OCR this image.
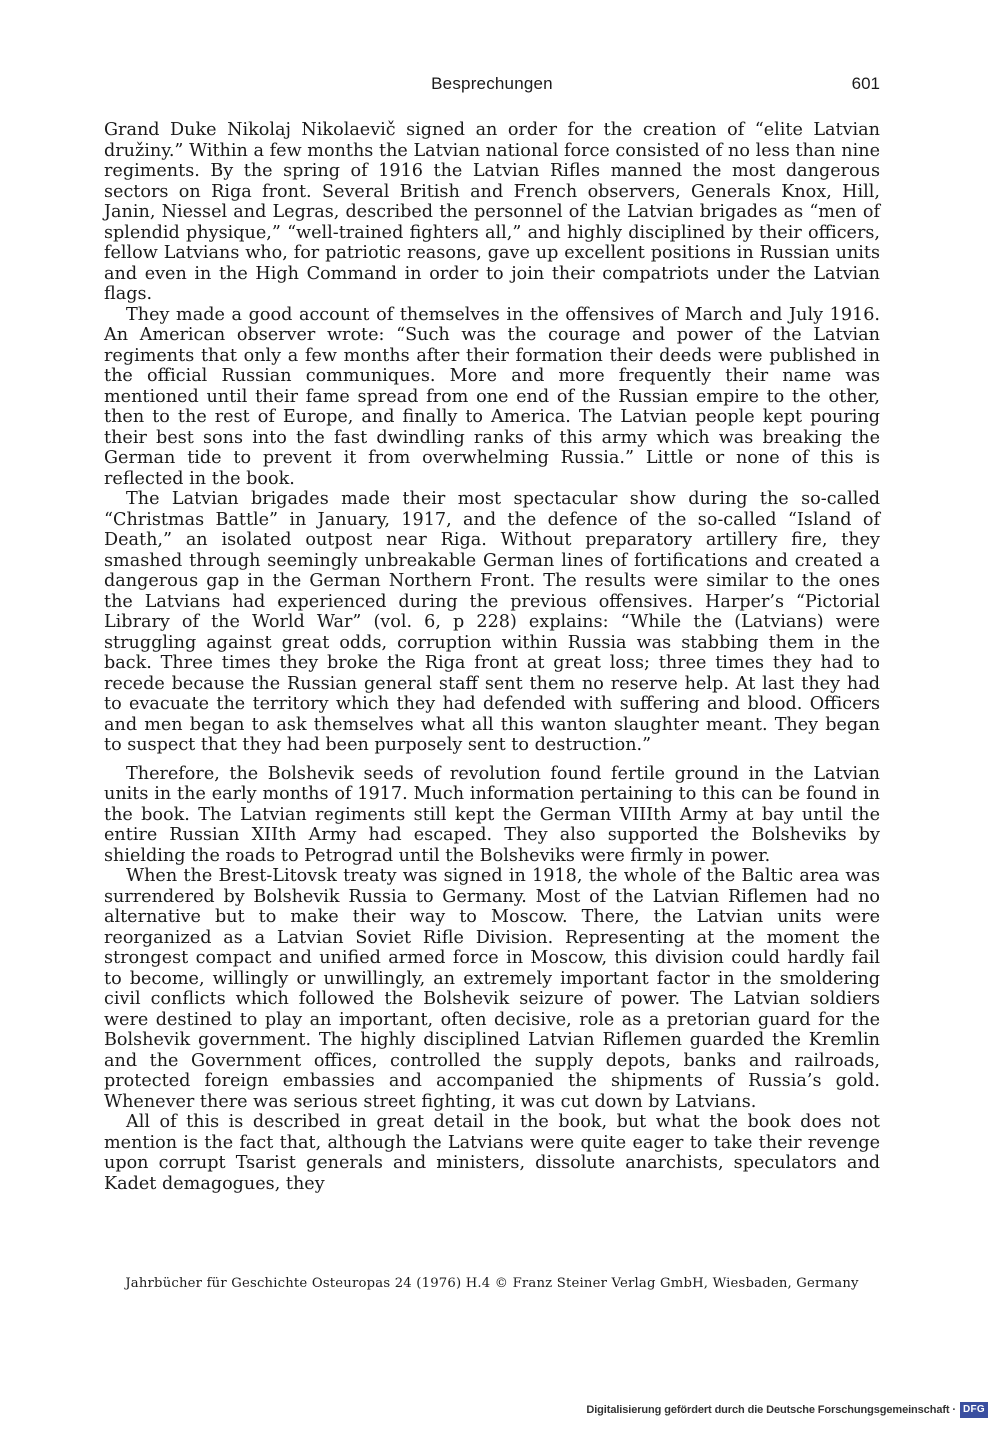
Besprechungen	601

Grand Duke Nikolaj Nikolaevič signed an order for the creation of “elite Latvian družiny.” Within a few months the Latvian national force consisted of no less than nine regiments. By the spring of 1916 the Latvian Rifles manned the most dangerous sectors on Riga front. Several British and French observers, Generals Knox, Hill, Janin, Niessel and Legras, described the personnel of the Latvian brigades as “men of splendid physique,” “well-trained fighters all,” and highly disciplined by their officers, fellow Latvians who, for patriotic reasons, gave up excellent positions in Russian units and even in the High Command in order to join their compatriots under the Latvian flags.

They made a good account of themselves in the offensives of March and July 1916. An American observer wrote: “Such was the courage and power of the Latvian regiments that only a few months after their formation their deeds were published in the official Russian communiques. More and more frequently their name was mentioned until their fame spread from one end of the Russian empire to the other, then to the rest of Europe, and finally to America. The Latvian people kept pouring their best sons into the fast dwindling ranks of this army which was breaking the German tide to prevent it from overwhelming Russia.” Little or none of this is reflected in the book.

The Latvian brigades made their most spectacular show during the so-called “Christmas Battle” in January, 1917, and the defence of the so-called “Island of Death,” an isolated outpost near Riga. Without preparatory artillery fire, they smashed through seemingly unbreakable German lines of fortifications and created a dangerous gap in the German Northern Front. The results were similar to the ones the Latvians had experienced during the previous offensives. Harper’s “Pictorial Library of the World War” (vol. 6, p 228) explains: “While the (Latvians) were struggling against great odds, corruption within Russia was stabbing them in the back. Three times they broke the Riga front at great loss; three times they had to recede because the Russian general staff sent them no reserve help. At last they had to evacuate the territory which they had defended with suffering and blood. Officers and men began to ask themselves what all this wanton slaughter meant. They began to suspect that they had been purposely sent to destruction.”

Therefore, the Bolshevik seeds of revolution found fertile ground in the Latvian units in the early months of 1917. Much information pertaining to this can be found in the book. The Latvian regiments still kept the German VIIIth Army at bay until the entire Russian XIIth Army had escaped. They also supported the Bolsheviks by shielding the roads to Petrograd until the Bolsheviks were firmly in power.

When the Brest-Litovsk treaty was signed in 1918, the whole of the Baltic area was surrendered by Bolshevik Russia to Germany. Most of the Latvian Riflemen had no alternative but to make their way to Moscow. There, the Latvian units were reorganized as a Latvian Soviet Rifle Division. Representing at the moment the strongest compact and unified armed force in Moscow, this division could hardly fail to become, willingly or unwillingly, an extremely important factor in the smoldering civil conflicts which followed the Bolshevik seizure of power. The Latvian soldiers were destined to play an important, often decisive, role as a pretorian guard for the Bolshevik government. The highly disciplined Latvian Riflemen guarded the Kremlin and the Government offices, controlled the supply depots, banks and railroads, protected foreign embassies and accompanied the shipments of Russia’s gold. Whenever there was serious street fighting, it was cut down by Latvians.

All of this is described in great detail in the book, but what the book does not mention is the fact that, although the Latvians were quite eager to take their revenge upon corrupt Tsarist generals and ministers, dissolute anarchists, speculators and Kadet demagogues, they

Jahrbücher für Geschichte Osteuropas 24 (1976) H.4 © Franz Steiner Verlag GmbH, Wiesbaden, Germany
Digitalisierung gefördert durch die Deutsche Forschungsgemeinschaft · DFG
